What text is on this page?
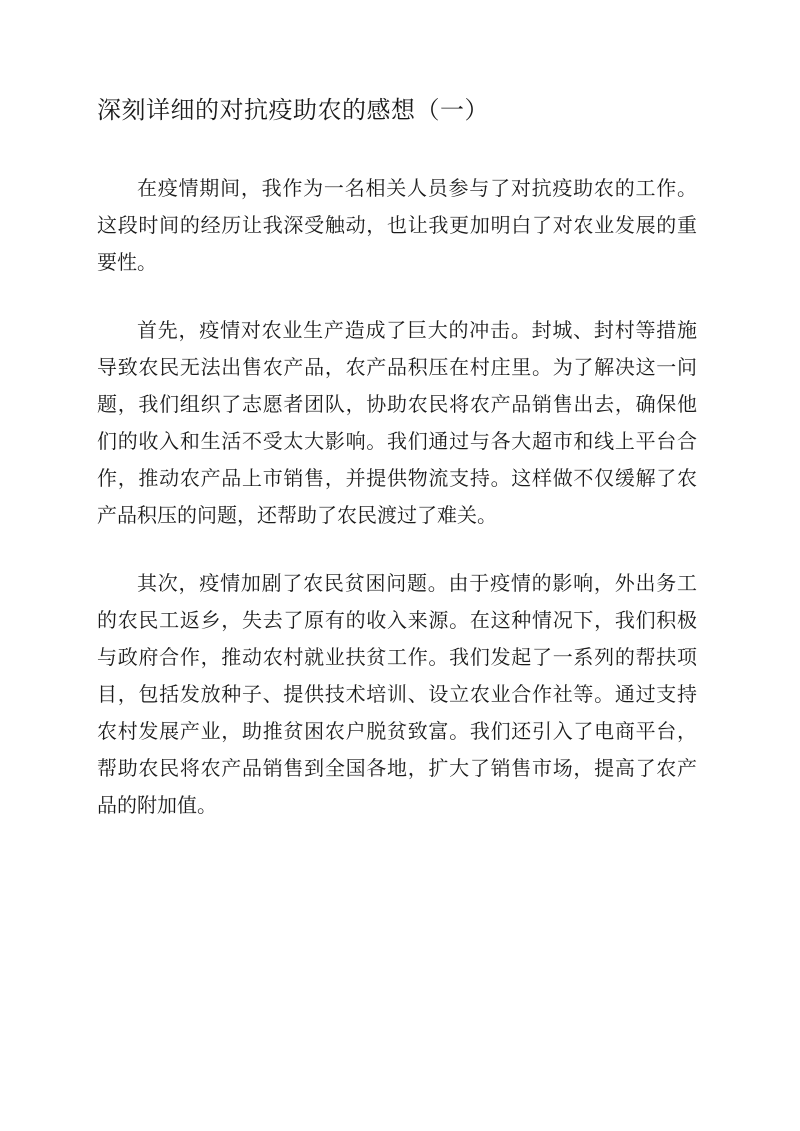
深刻详细的对抗疫助农的感想（一）

在疫情期间，我作为一名相关人员参与了对抗疫助农的工作。
这段时间的经历让我深受触动，也让我更加明白了对农业发展的重
要性。

首先，疫情对农业生产造成了巨大的冲击。封城、封村等措施
导致农民无法出售农产品，农产品积压在村庄里。为了解决这一问
题，我们组织了志愿者团队，协助农民将农产品销售出去，确保他
们的收入和生活不受太大影响。我们通过与各大超市和线上平台合
作，推动农产品上市销售，并提供物流支持。这样做不仅缓解了农
产品积压的问题，还帮助了农民渡过了难关。

其次，疫情加剧了农民贫困问题。由于疫情的影响，外出务工
的农民工返乡，失去了原有的收入来源。在这种情况下，我们积极
与政府合作，推动农村就业扶贫工作。我们发起了一系列的帮扶项
目，包括发放种子、提供技术培训、设立农业合作社等。通过支持
农村发展产业，助推贫困农户脱贫致富。我们还引入了电商平台，
帮助农民将农产品销售到全国各地，扩大了销售市场，提高了农产
品的附加值。
